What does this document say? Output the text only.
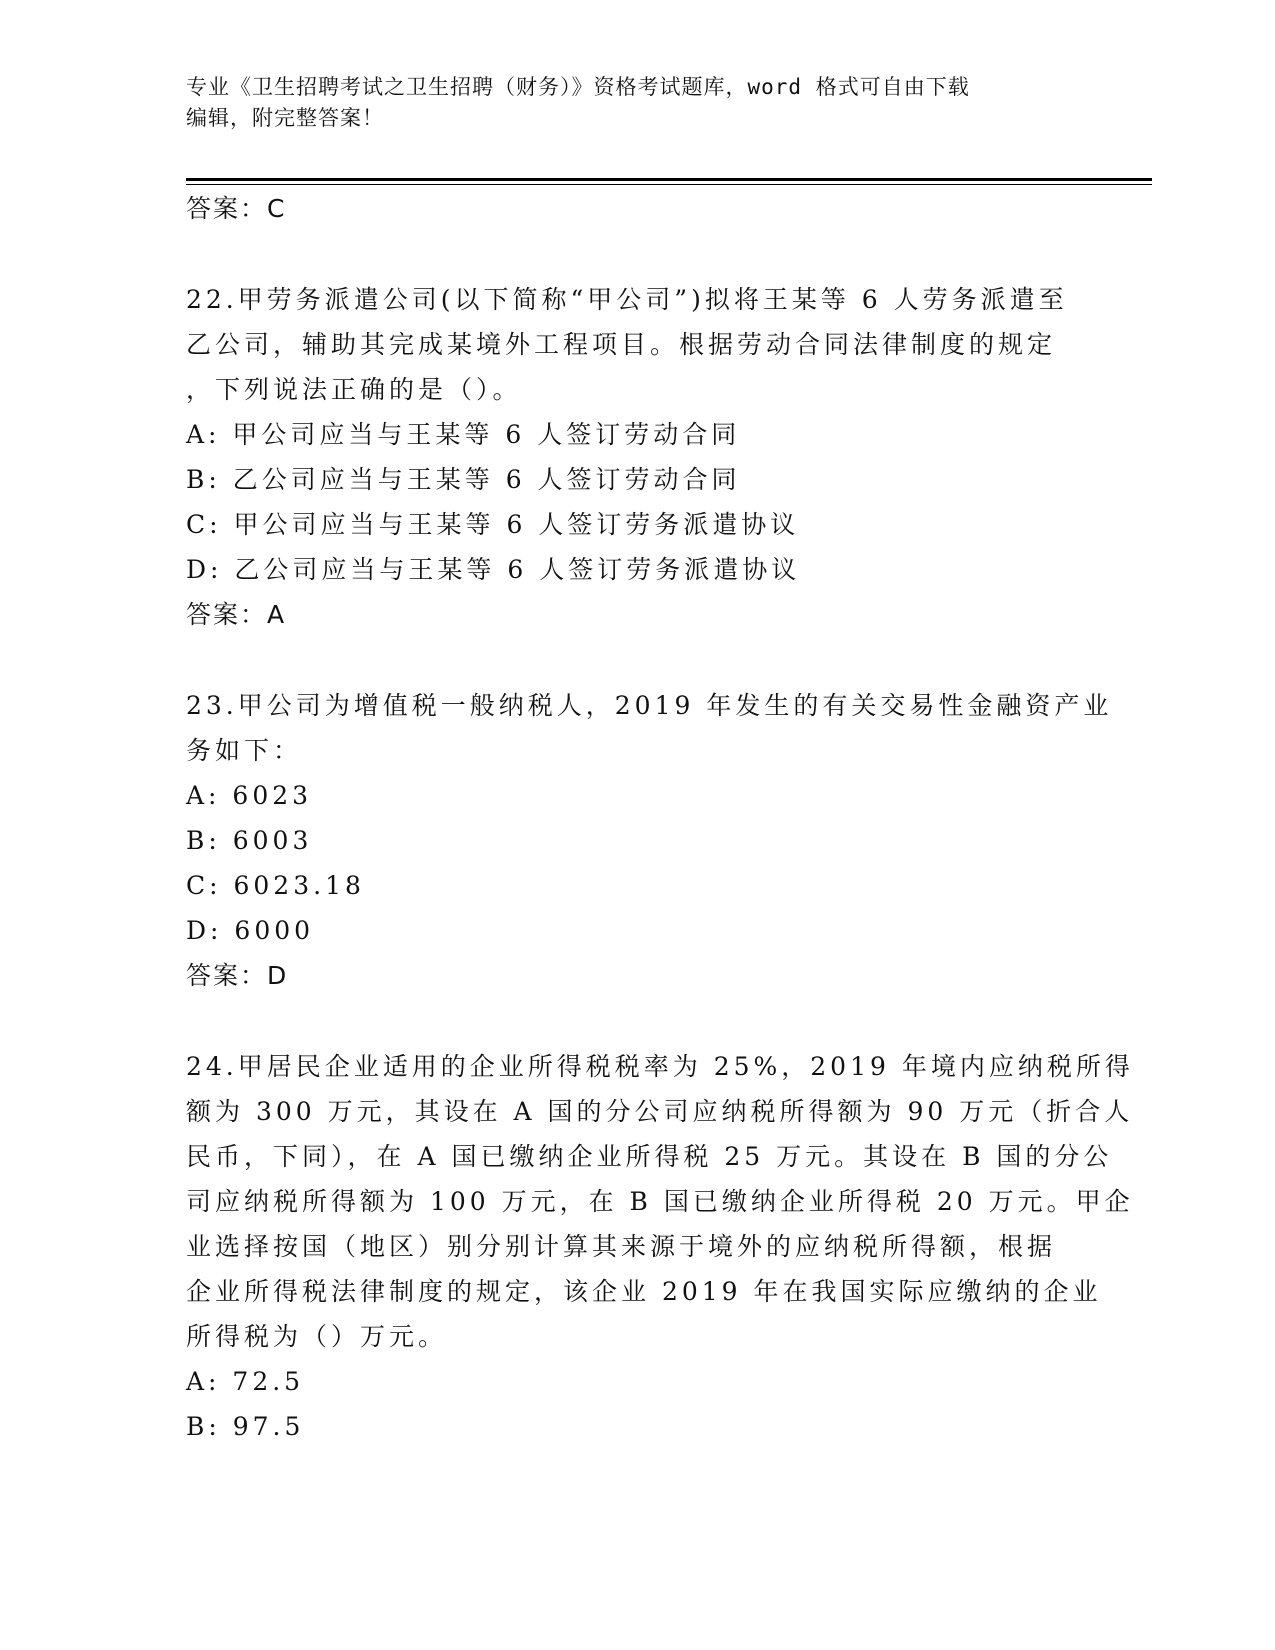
专业《卫生招聘考试之卫生招聘（财务）》资格考试题库，word 格式可自由下载
编辑，附完整答案！
答案：C
22.甲劳务派遣公司(以下简称“甲公司”)拟将王某等 6 人劳务派遣至
乙公司，辅助其完成某境外工程项目。根据劳动合同法律制度的规定
，下列说法正确的是（）。
A: 甲公司应当与王某等 6 人签订劳动合同
B: 乙公司应当与王某等 6 人签订劳动合同
C: 甲公司应当与王某等 6 人签订劳务派遣协议
D: 乙公司应当与王某等 6 人签订劳务派遣协议
答案：A
23.甲公司为增值税一般纳税人，2019 年发生的有关交易性金融资产业
务如下：
A: 6023
B: 6003
C: 6023.18
D: 6000
答案：D
24.甲居民企业适用的企业所得税税率为 25%，2019 年境内应纳税所得
额为 300 万元，其设在 A 国的分公司应纳税所得额为 90 万元（折合人
民币，下同），在 A 国已缴纳企业所得税 25 万元。其设在 B 国的分公
司应纳税所得额为 100 万元，在 B 国已缴纳企业所得税 20 万元。甲企
业选择按国（地区）别分别计算其来源于境外的应纳税所得额，根据
企业所得税法律制度的规定，该企业 2019 年在我国实际应缴纳的企业
所得税为（）万元。
A: 72.5
B: 97.5
